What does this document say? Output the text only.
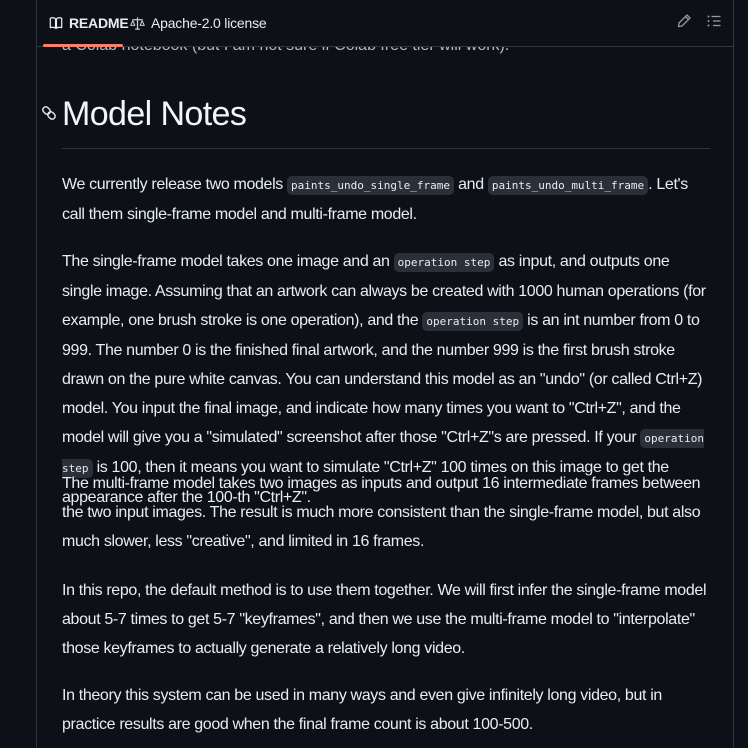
README Apache-2.0 license
Model Notes

We currently release two models paints_undo_single_frame and paints_undo_multi_frame . Let's call them single-frame model and multi-frame model.

The single-frame model takes one image and an operation step as input, and outputs one single image. Assuming that an artwork can always be created with 1000 human operations (for example, one brush stroke is one operation), and the operation step is an int number from 0 to 999. The number 0 is the finished final artwork, and the number 999 is the first brush stroke drawn on the pure white canvas. You can understand this model as an "undo" (or called Ctrl+Z) model. You input the final image, and indicate how many times you want to "Ctrl+Z", and the model will give you a "simulated" screenshot after those "Ctrl+Z"s are pressed. If your operation step is 100, then it means you want to simulate "Ctrl+Z" 100 times on this image to get the appearance after the 100-th "Ctrl+Z".

The multi-frame model takes two images as inputs and output 16 intermediate frames between the two input images. The result is much more consistent than the single-frame model, but also much slower, less "creative", and limited in 16 frames.

In this repo, the default method is to use them together. We will first infer the single-frame model about 5-7 times to get 5-7 "keyframes", and then we use the multi-frame model to "interpolate" those keyframes to actually generate a relatively long video.

In theory this system can be used in many ways and even give infinitely long video, but in practice results are good when the final frame count is about 100-500.
